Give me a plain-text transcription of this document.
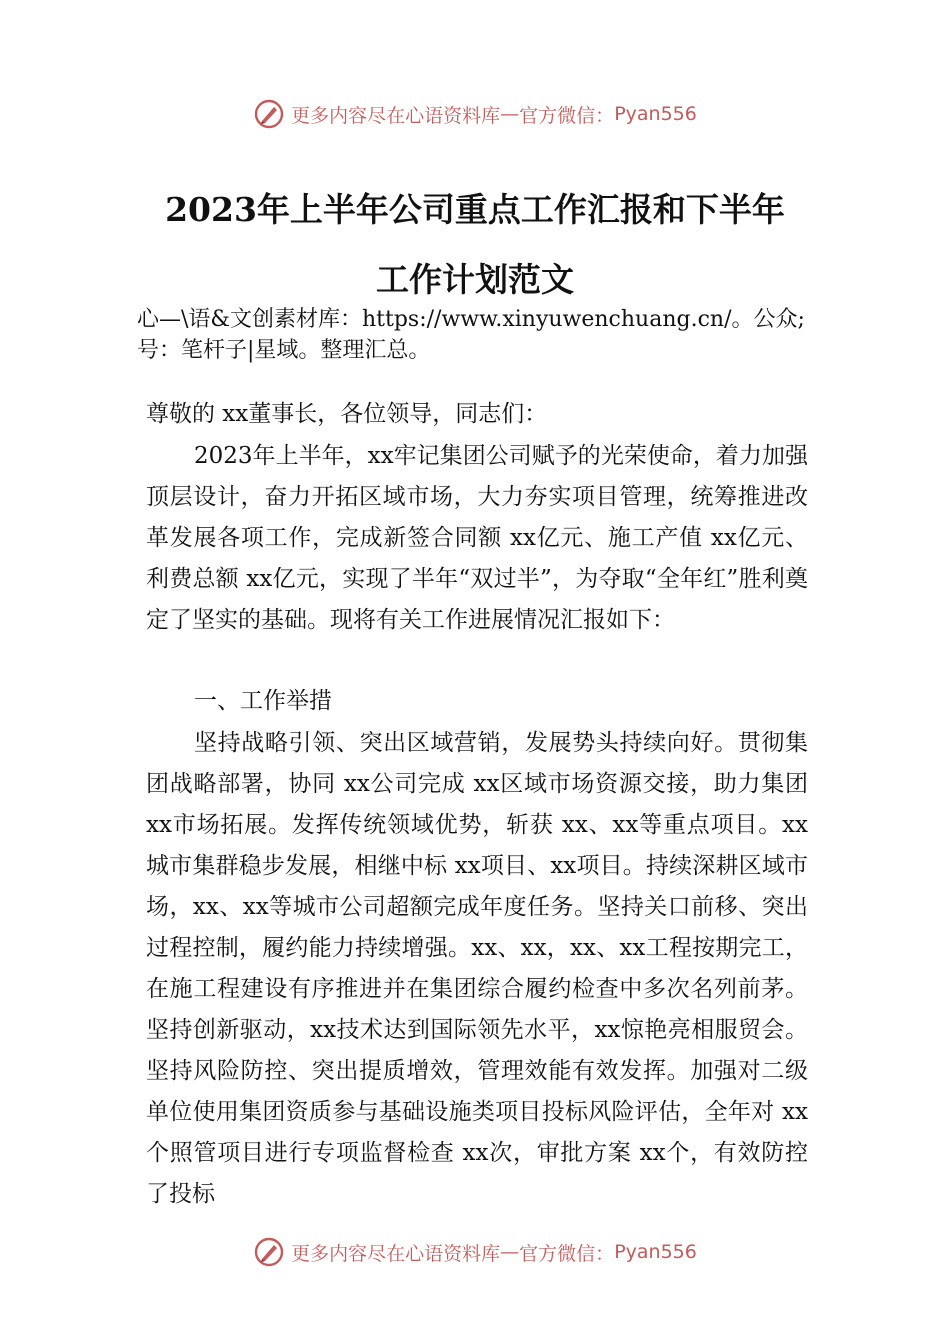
更多内容尽在心语资料库 — 官方微信： Pyan556
2023年上半年公司重点工作汇报和下半年
工作计划范文
心—\语&文创素材库：https://www.xinyuwenchuang.cn/。公众;号：笔杆子|星域。整理汇总。
尊敬的 xx董事长，各位领导，同志们：
2023年上半年，xx牢记集团公司赋予的光荣使命，着力加强顶层设计，奋力开拓区域市场，大力夯实项目管理，统筹推进改革发展各项工作，完成新签合同额 xx亿元、施工产值 xx亿元、利费总额 xx亿元，实现了半年“双过半”，为夺取“全年红”胜利奠定了坚实的基础。现将有关工作进展情况汇报如下：
一、工作举措
坚持战略引领、突出区域营销，发展势头持续向好。贯彻集团战略部署，协同 xx公司完成 xx区域市场资源交接，助力集团 xx市场拓展。发挥传统领域优势，斩获 xx、xx等重点项目。xx城市集群稳步发展，相继中标 xx项目、xx项目。持续深耕区域市场，xx、xx等城市公司超额完成年度任务。坚持关口前移、突出过程控制，履约能力持续增强。xx、xx，xx、xx工程按期完工，在施工程建设有序推进并在集团综合履约检查中多次名列前茅。坚持创新驱动，xx技术达到国际领先水平，xx惊艳亮相服贸会。坚持风险防控、突出提质增效，管理效能有效发挥。加强对二级单位使用集团资质参与基础设施类项目投标风险评估，全年对 xx个照管项目进行专项监督检查 xx次，审批方案 xx个，有效防控了投标
更多内容尽在心语资料库 — 官方微信： Pyan556
